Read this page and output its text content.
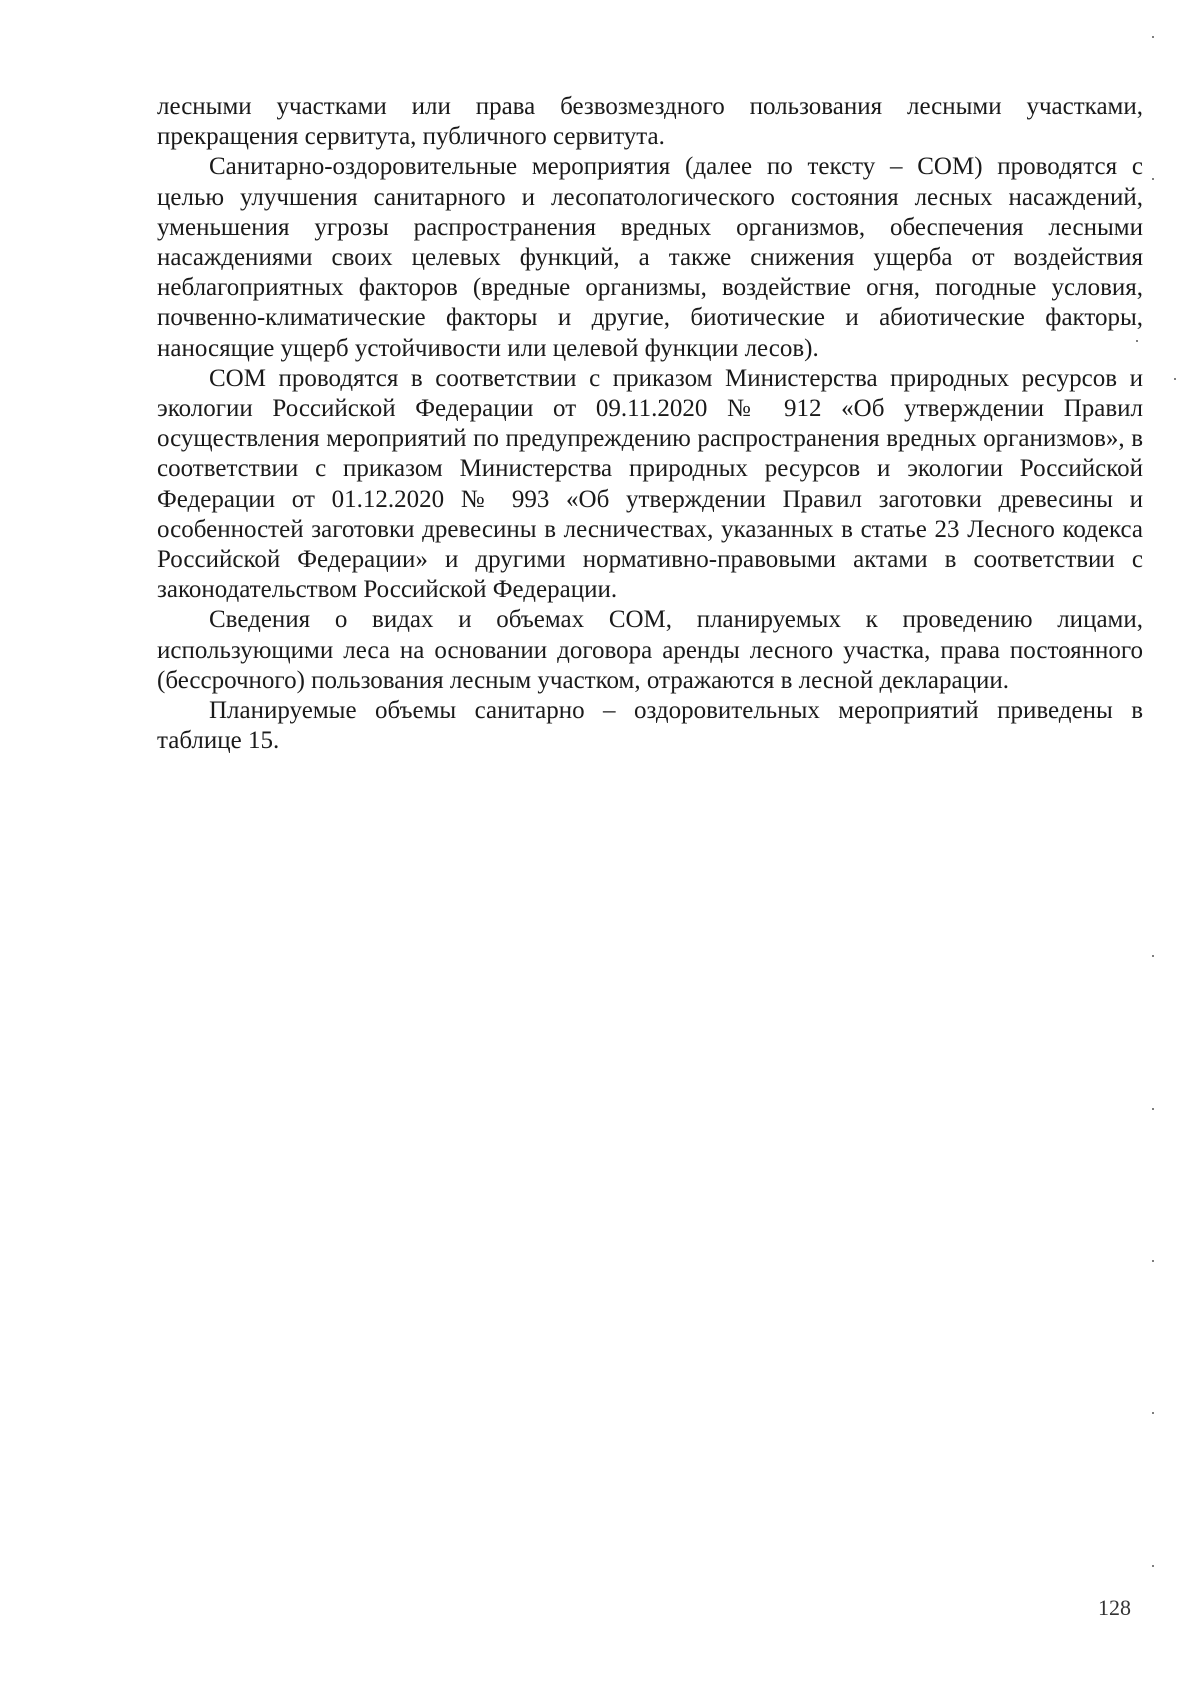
лесными участками или права безвозмездного пользования лесными участками, прекращения сервитута, публичного сервитута.

Санитарно-оздоровительные мероприятия (далее по тексту – СОМ) проводятся с целью улучшения санитарного и лесопатологического состояния лесных насаждений, уменьшения угрозы распространения вредных организмов, обеспечения лесными насаждениями своих целевых функций, а также снижения ущерба от воздействия неблагоприятных факторов (вредные организмы, воздействие огня, погодные условия, почвенно-климатические факторы и другие, биотические и абиотические факторы, наносящие ущерб устойчивости или целевой функции лесов).

СОМ проводятся в соответствии с приказом Министерства природных ресурсов и экологии Российской Федерации от 09.11.2020 № 912 «Об утверждении Правил осуществления мероприятий по предупреждению распространения вредных организмов», в соответствии с приказом Министерства природных ресурсов и экологии Российской Федерации от 01.12.2020 № 993 «Об утверждении Правил заготовки древесины и особенностей заготовки древесины в лесничествах, указанных в статье 23 Лесного кодекса Российской Федерации» и другими нормативно-правовыми актами в соответствии с законодательством Российской Федерации.

Сведения о видах и объемах СОМ, планируемых к проведению лицами, использующими леса на основании договора аренды лесного участка, права постоянного (бессрочного) пользования лесным участком, отражаются в лесной декларации.

Планируемые объемы санитарно – оздоровительных мероприятий приведены в таблице 15.

128
